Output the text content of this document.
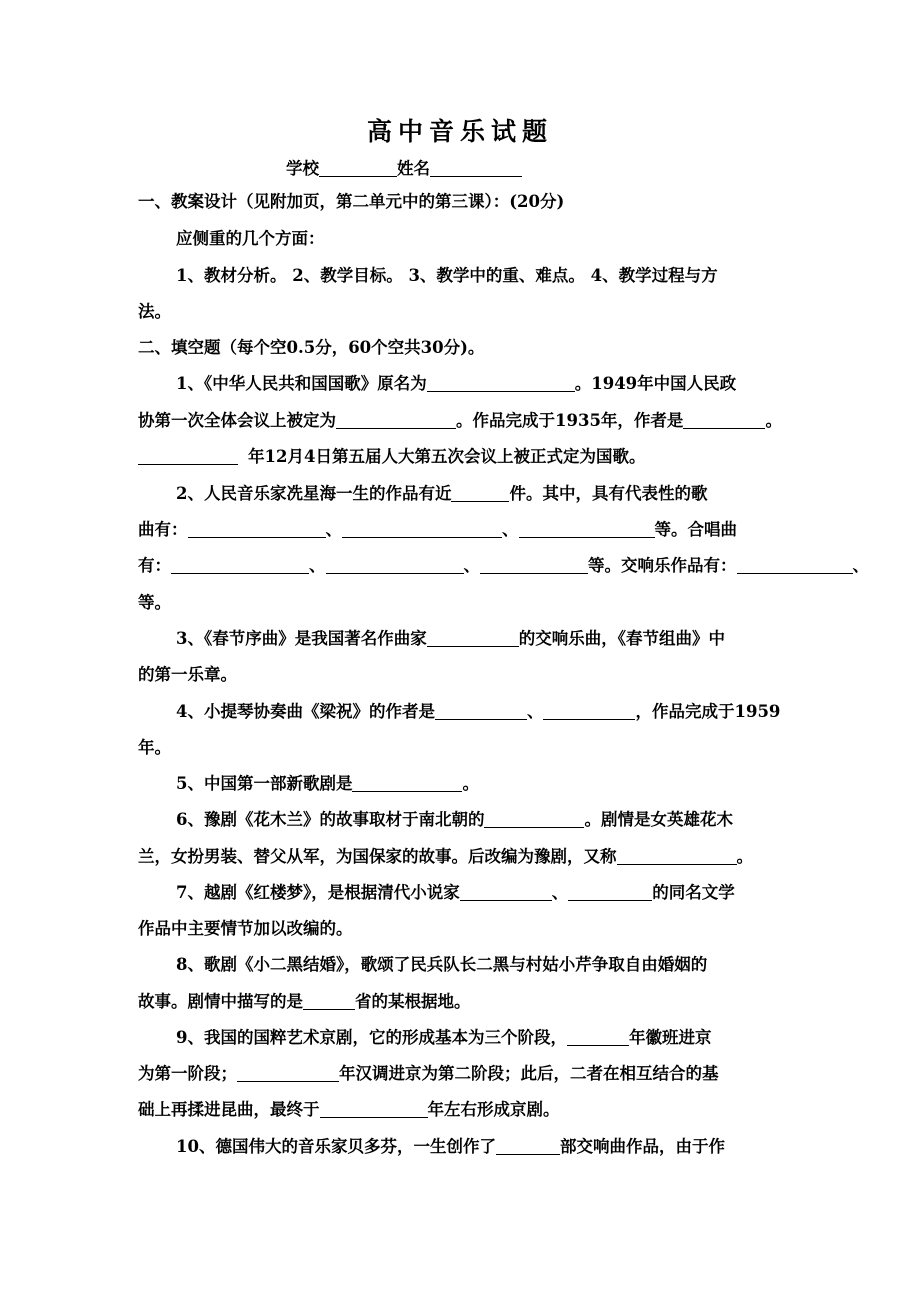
高中音乐试题
学校	姓名
一、教案设计（见附加页，第二单元中的第三课）：(20分)
应侧重的几个方面：
1、教材分析。 2、教学目标。 3、教学中的重、难点。 4、教学过程与方
法。
二、填空题（每个空0.5分，60个空共30分)。
1、《中华人民共和国国歌》原名为	。1949年中国人民政
协第一次全体会议上被定为	。作品完成于1935年，作者是	。
年12月4日第五届人大第五次会议上被正式定为国歌。
2、人民音乐家冼星海一生的作品有近	件。其中，具有代表性的歌
曲有：	、	、	等。合唱曲
有：	、	、	等。交响乐作品有：	、
等。
3、《春节序曲》是我国著名作曲家	的交响乐曲，《春节组曲》中
的第一乐章。
4、小提琴协奏曲《梁祝》的作者是	、	，作品完成于1959
年。
5、中国第一部新歌剧是	。
6、豫剧《花木兰》的故事取材于南北朝的	。剧情是女英雄花木
兰，女扮男装、替父从军，为国保家的故事。后改编为豫剧，又称	。
7、越剧《红楼梦》，是根据清代小说家	、	的同名文学
作品中主要情节加以改编的。
8、歌剧《小二黑结婚》，歌颂了民兵队长二黑与村姑小芹争取自由婚姻的
故事。剧情中描写的是	省的某根据地。
9、我国的国粹艺术京剧，它的形成基本为三个阶段，	年徽班进京
为第一阶段；	年汉调进京为第二阶段；此后，二者在相互结合的基
础上再揉进昆曲，最终于	年左右形成京剧。
10、德国伟大的音乐家贝多芬，一生创作了	部交响曲作品，由于作
